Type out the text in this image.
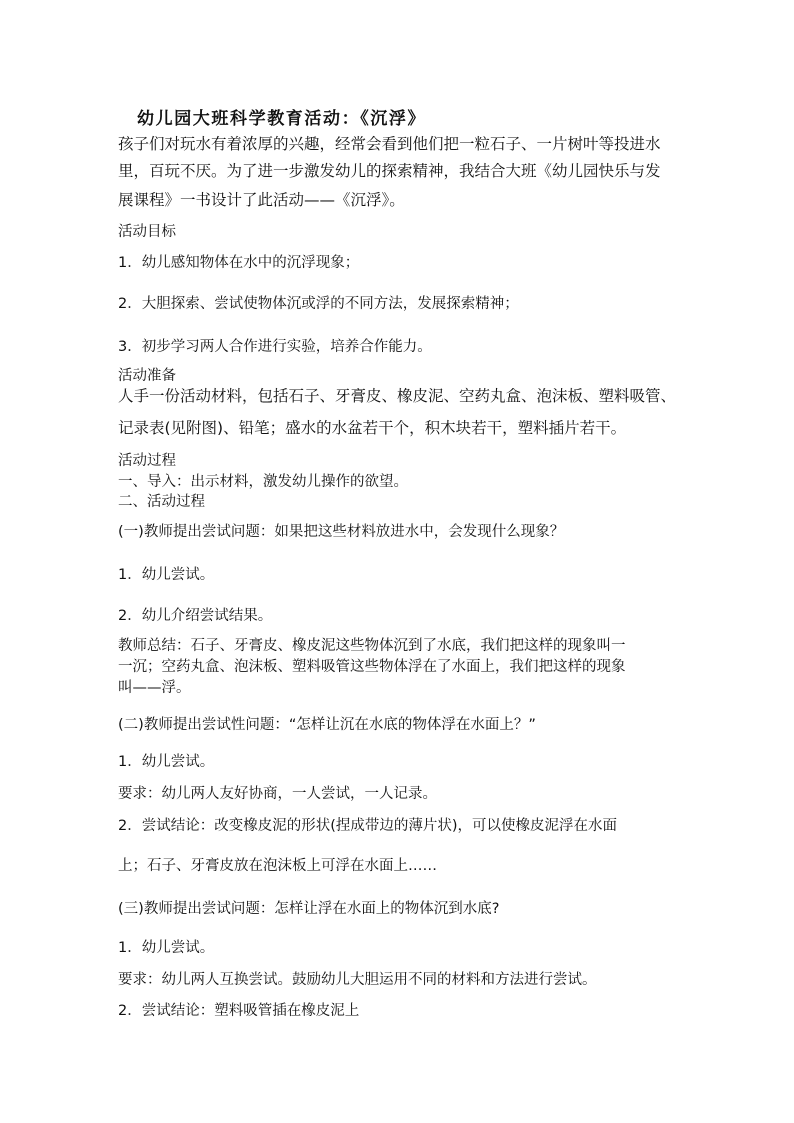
幼儿园大班科学教育活动：《沉浮》
孩子们对玩水有着浓厚的兴趣，经常会看到他们把一粒石子、一片树叶等投进水
里，百玩不厌。为了进一步激发幼儿的探索精神，我结合大班《幼儿园快乐与发
展课程》一书设计了此活动——《沉浮》。
活动目标
1．幼儿感知物体在水中的沉浮现象；
2．大胆探索、尝试使物体沉或浮的不同方法，发展探索精神；
3．初步学习两人合作进行实验，培养合作能力。
活动准备
人手一份活动材料，包括石子、牙膏皮、橡皮泥、空药丸盒、泡沫板、塑料吸管、
记录表(见附图)、铅笔；盛水的水盆若干个，积木块若干，塑料插片若干。
活动过程
一、导入：出示材料，激发幼儿操作的欲望。
二、活动过程
(一)教师提出尝试问题：如果把这些材料放进水中，会发现什么现象？
1．幼儿尝试。
2．幼儿介绍尝试结果。
教师总结：石子、牙膏皮、橡皮泥这些物体沉到了水底，我们把这样的现象叫一
一沉；空药丸盒、泡沫板、塑料吸管这些物体浮在了水面上，我们把这样的现象
叫——浮。
(二)教师提出尝试性问题：“怎样让沉在水底的物体浮在水面上？”
1．幼儿尝试。
要求：幼儿两人友好协商，一人尝试，一人记录。
2．尝试结论：改变橡皮泥的形状(捏成带边的薄片状)，可以使橡皮泥浮在水面
上；石子、牙膏皮放在泡沫板上可浮在水面上……
(三)教师提出尝试问题：怎样让浮在水面上的物体沉到水底?
1．幼儿尝试。
要求：幼儿两人互换尝试。鼓励幼儿大胆运用不同的材料和方法进行尝试。
2．尝试结论：塑料吸管插在橡皮泥上
